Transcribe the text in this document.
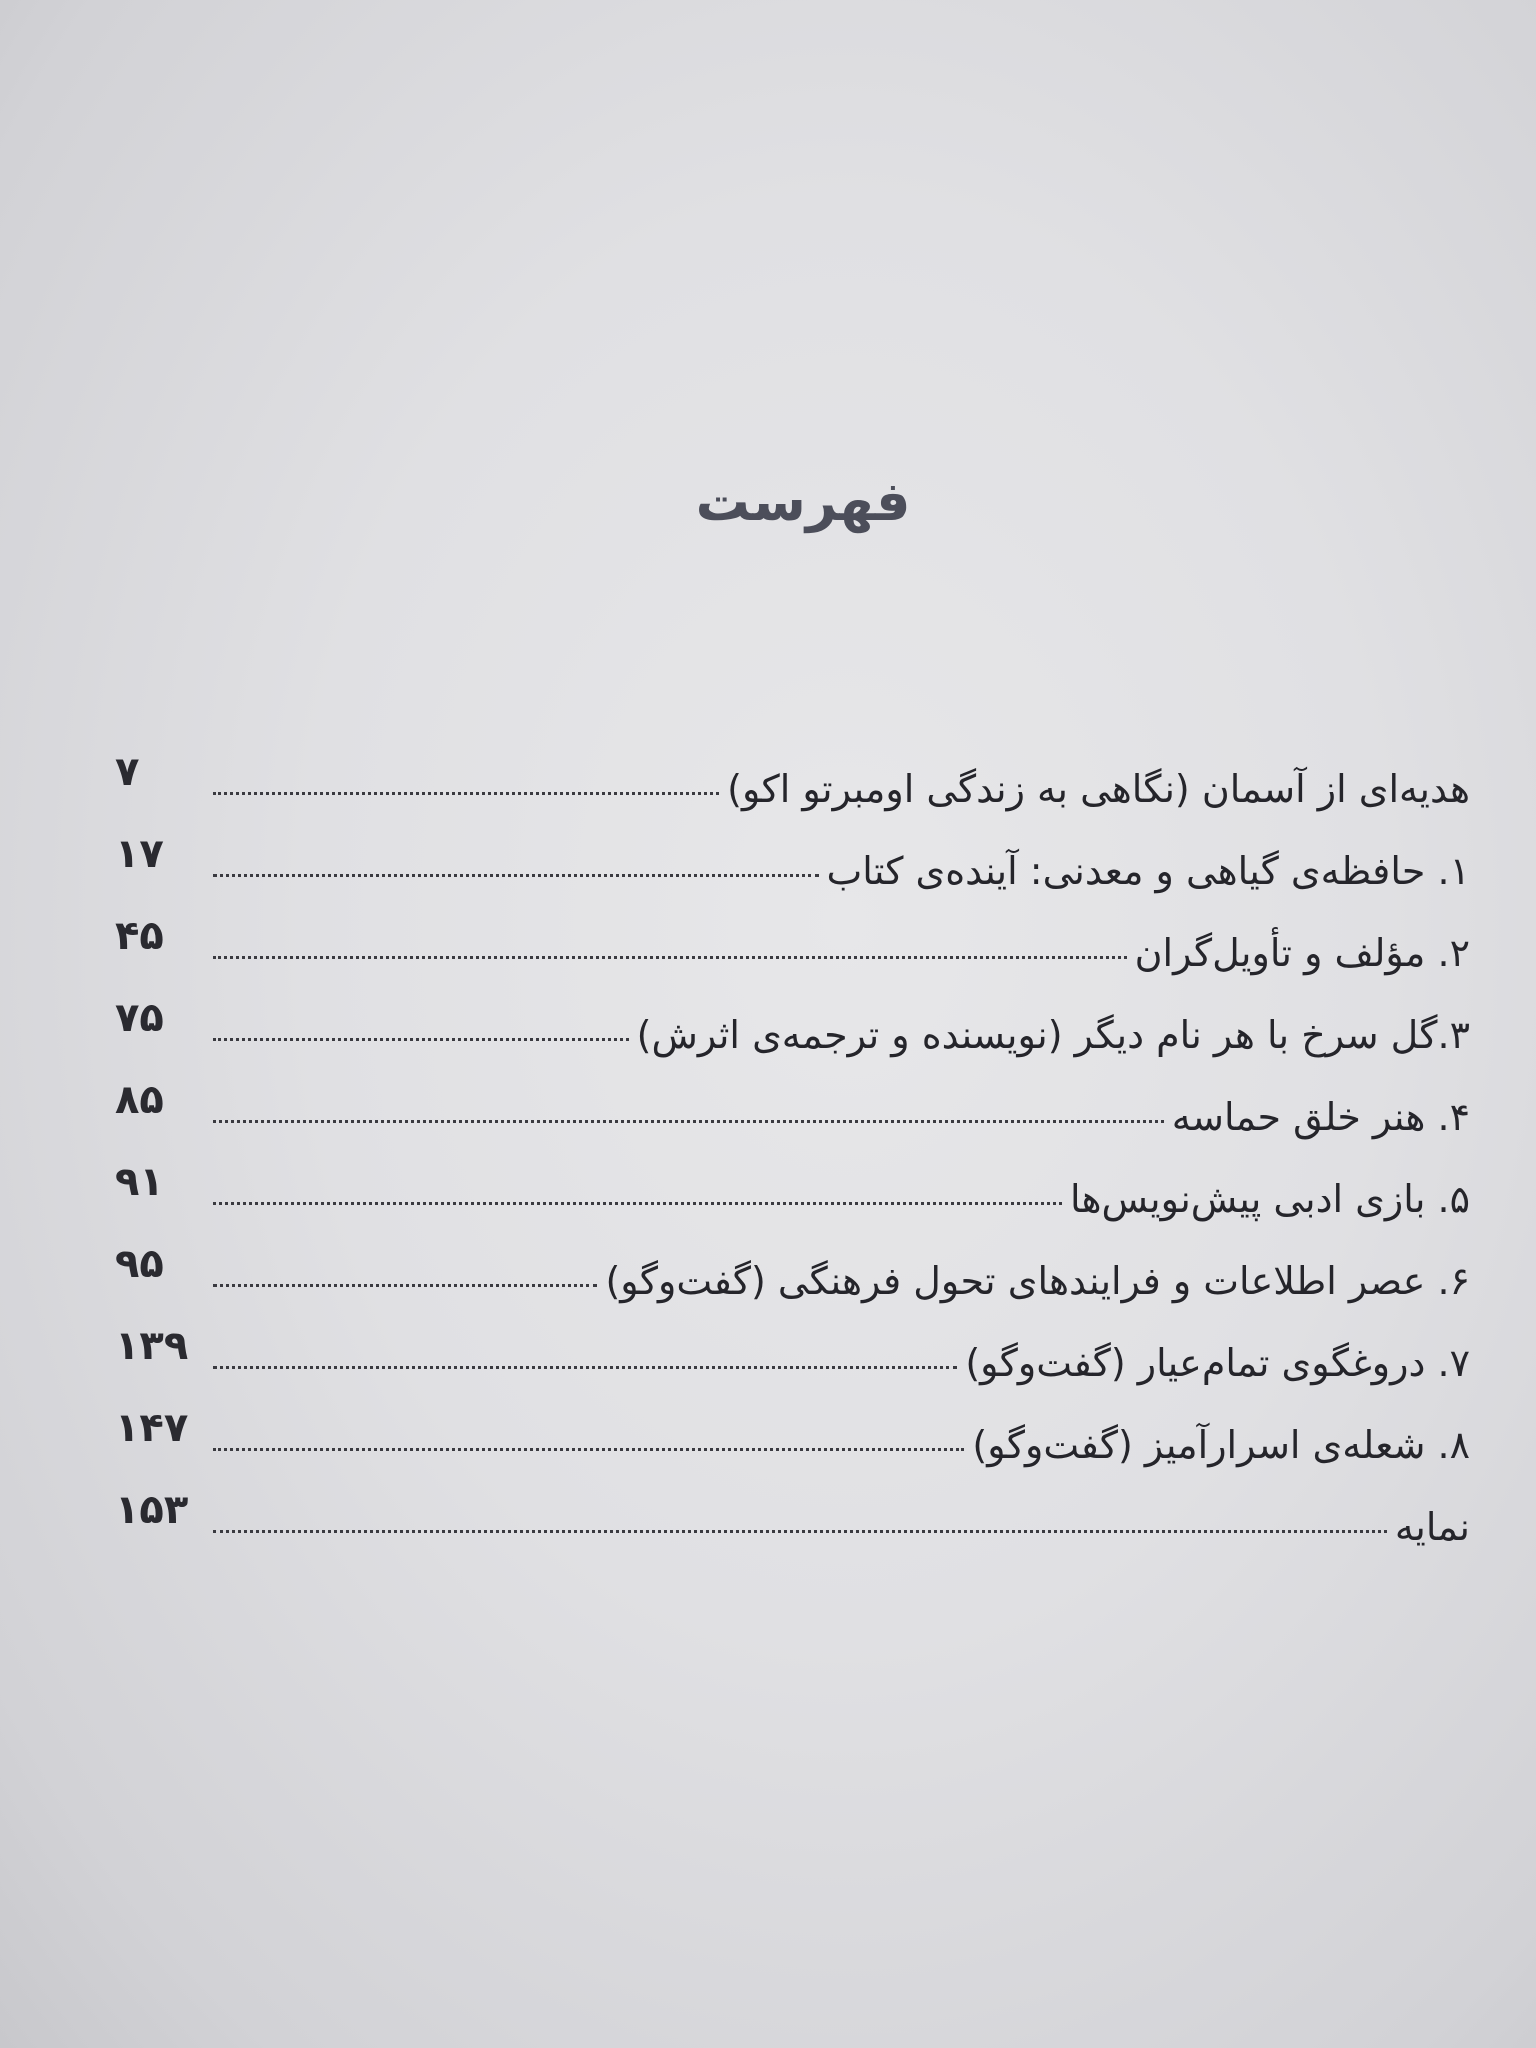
فهرست
۷	هدیه‌ای از آسمان (نگاهی به زندگی اومبرتو اکو)
۱۷	۱. حافظه‌ی گیاهی و معدنی: آینده‌ی کتاب
۴۵	۲. مؤلف و تأویل‌گران
۷۵	۳.گل سرخ با هر نام دیگر (نویسنده و ترجمه‌ی اثرش)
۸۵	۴. هنر خلق حماسه
۹۱	۵. بازی ادبی پیش‌نویس‌ها
۹۵	۶. عصر اطلاعات و فرایندهای تحول فرهنگی (گفت‌وگو)
۱۳۹	۷. دروغگوی تمام‌عیار (گفت‌وگو)
۱۴۷	۸. شعله‌ی اسرارآمیز (گفت‌وگو)
۱۵۳	نمایه
